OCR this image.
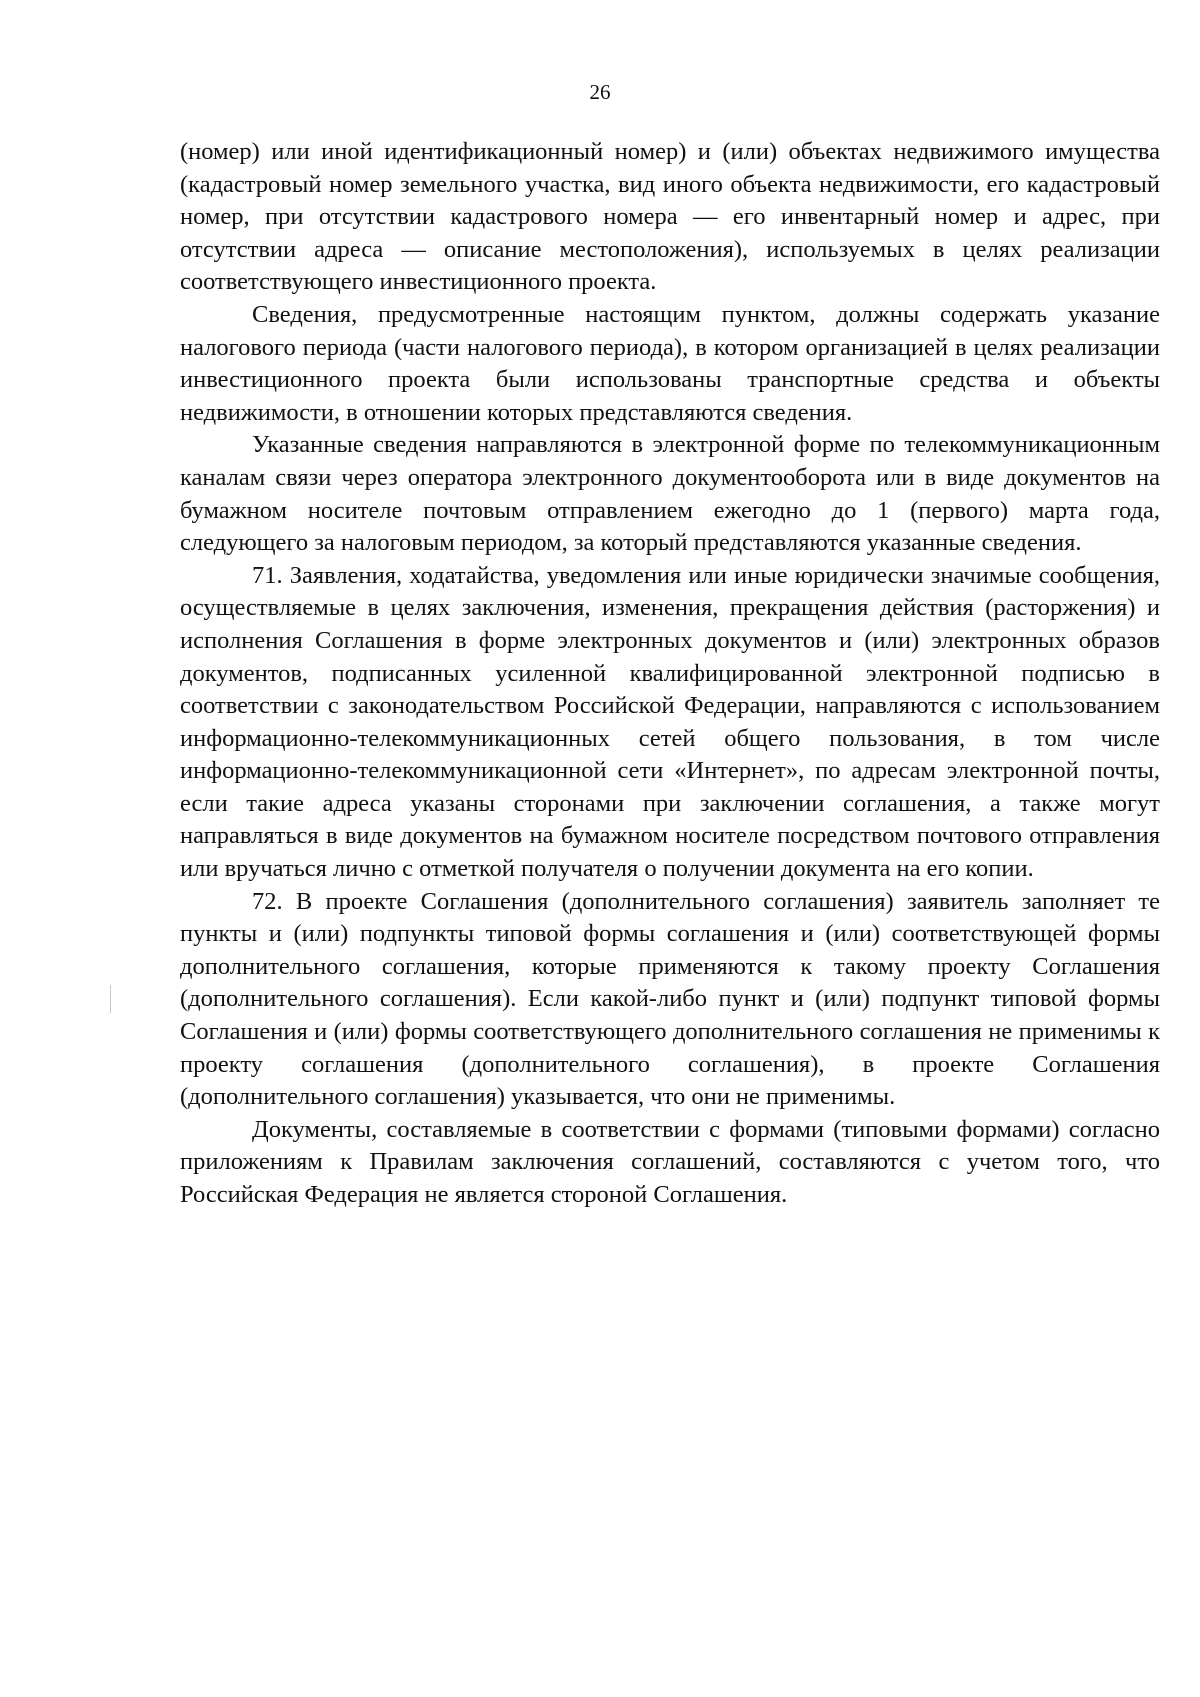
26

(номер) или иной идентификационный номер) и (или) объектах недвижимого имущества (кадастровый номер земельного участка, вид иного объекта недвижимости, его кадастровый номер, при отсутствии кадастрового номера — его инвентарный номер и адрес, при отсутствии адреса — описание местоположения), используемых в целях реализации соответствующего инвестиционного проекта.

Сведения, предусмотренные настоящим пунктом, должны содержать указание налогового периода (части налогового периода), в котором организацией в целях реализации инвестиционного проекта были использованы транспортные средства и объекты недвижимости, в отношении которых представляются сведения.

Указанные сведения направляются в электронной форме по телекоммуникационным каналам связи через оператора электронного документооборота или в виде документов на бумажном носителе почтовым отправлением ежегодно до 1 (первого) марта года, следующего за налоговым периодом, за который представляются указанные сведения.

71. Заявления, ходатайства, уведомления или иные юридически значимые сообщения, осуществляемые в целях заключения, изменения, прекращения действия (расторжения) и исполнения Соглашения в форме электронных документов и (или) электронных образов документов, подписанных усиленной квалифицированной электронной подписью в соответствии с законодательством Российской Федерации, направляются с использованием информационно-телекоммуникационных сетей общего пользования, в том числе информационно-телекоммуникационной сети «Интернет», по адресам электронной почты, если такие адреса указаны сторонами при заключении соглашения, а также могут направляться в виде документов на бумажном носителе посредством почтового отправления или вручаться лично с отметкой получателя о получении документа на его копии.

72. В проекте Соглашения (дополнительного соглашения) заявитель заполняет те пункты и (или) подпункты типовой формы соглашения и (или) соответствующей формы дополнительного соглашения, которые применяются к такому проекту Соглашения (дополнительного соглашения). Если какой-либо пункт и (или) подпункт типовой формы Соглашения и (или) формы соответствующего дополнительного соглашения не применимы к проекту соглашения (дополнительного соглашения), в проекте Соглашения (дополнительного соглашения) указывается, что они не применимы.

Документы, составляемые в соответствии с формами (типовыми формами) согласно приложениям к Правилам заключения соглашений, составляются с учетом того, что Российская Федерация не является стороной Соглашения.
